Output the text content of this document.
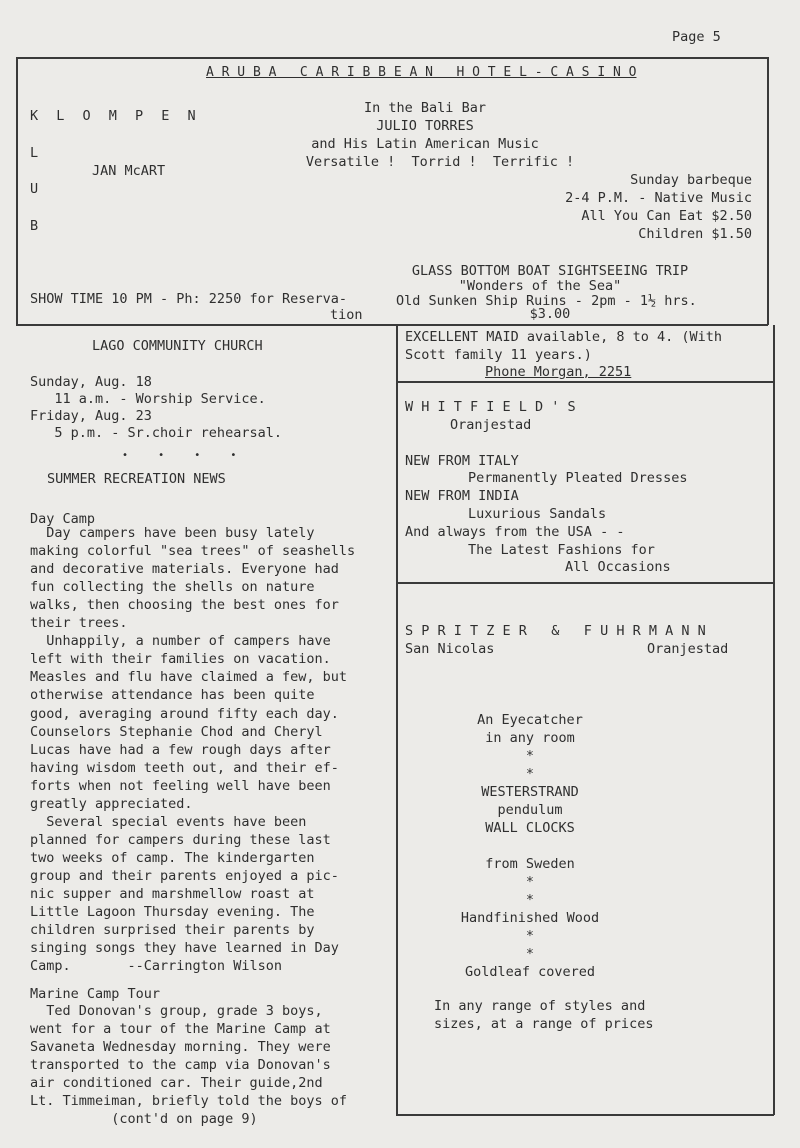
Page 5
A R U B A   C A R I B B E A N   H O T E L - C A S I N O
K L O M P E N
L
U
B
JAN McART
In the Bali Bar
JULIO TORRES
and His Latin American Music
Versatile !  Torrid !  Terrific !
Sunday barbeque
2-4 P.M. - Native Music
All You Can Eat $2.50
Children $1.50
GLASS BOTTOM BOAT SIGHTSEEING TRIP
"Wonders of the Sea"
Old Sunken Ship Ruins - 2pm - 1½ hrs.
$3.00
SHOW TIME 10 PM - Ph: 2250 for Reserva-
tion
LAGO COMMUNITY CHURCH
Sunday, Aug. 18
11 a.m. - Worship Service.
Friday, Aug. 23
5 p.m. - Sr.choir rehearsal.
•     •     •     •
SUMMER RECREATION NEWS
Day Camp
Day campers have been busy lately
making colorful "sea trees" of seashells
and decorative materials. Everyone had
fun collecting the shells on nature
walks, then choosing the best ones for
their trees.
Unhappily, a number of campers have
left with their families on vacation.
Measles and flu have claimed a few, but
otherwise attendance has been quite
good, averaging around fifty each day.
Counselors Stephanie Chod and Cheryl
Lucas have had a few rough days after
having wisdom teeth out, and their ef-
forts when not feeling well have been
greatly appreciated.
Several special events have been
planned for campers during these last
two weeks of camp. The kindergarten
group and their parents enjoyed a pic-
nic supper and marshmellow roast at
Little Lagoon Thursday evening. The
children surprised their parents by
singing songs they have learned in Day
Camp.       --Carrington Wilson
Marine Camp Tour
Ted Donovan's group, grade 3 boys,
went for a tour of the Marine Camp at
Savaneta Wednesday morning. They were
transported to the camp via Donovan's
air conditioned car. Their guide,2nd
Lt. Timmeiman, briefly told the boys of
(cont'd on page 9)
EXCELLENT MAID available, 8 to 4. (With
Scott family 11 years.)
Phone Morgan, 2251
W H I T F I E L D ' S
Oranjestad
NEW FROM ITALY
Permanently Pleated Dresses
NEW FROM INDIA
Luxurious Sandals
And always from the USA - -
The Latest Fashions for
All Occasions
S P R I T Z E R   &   F U H R M A N N
San Nicolas	Oranjestad
An Eyecatcher
in any room
*
*
WESTERSTRAND
pendulum
WALL CLOCKS
from Sweden
*
*
Handfinished Wood
*
*
Goldleaf covered
In any range of styles and
sizes, at a range of prices
